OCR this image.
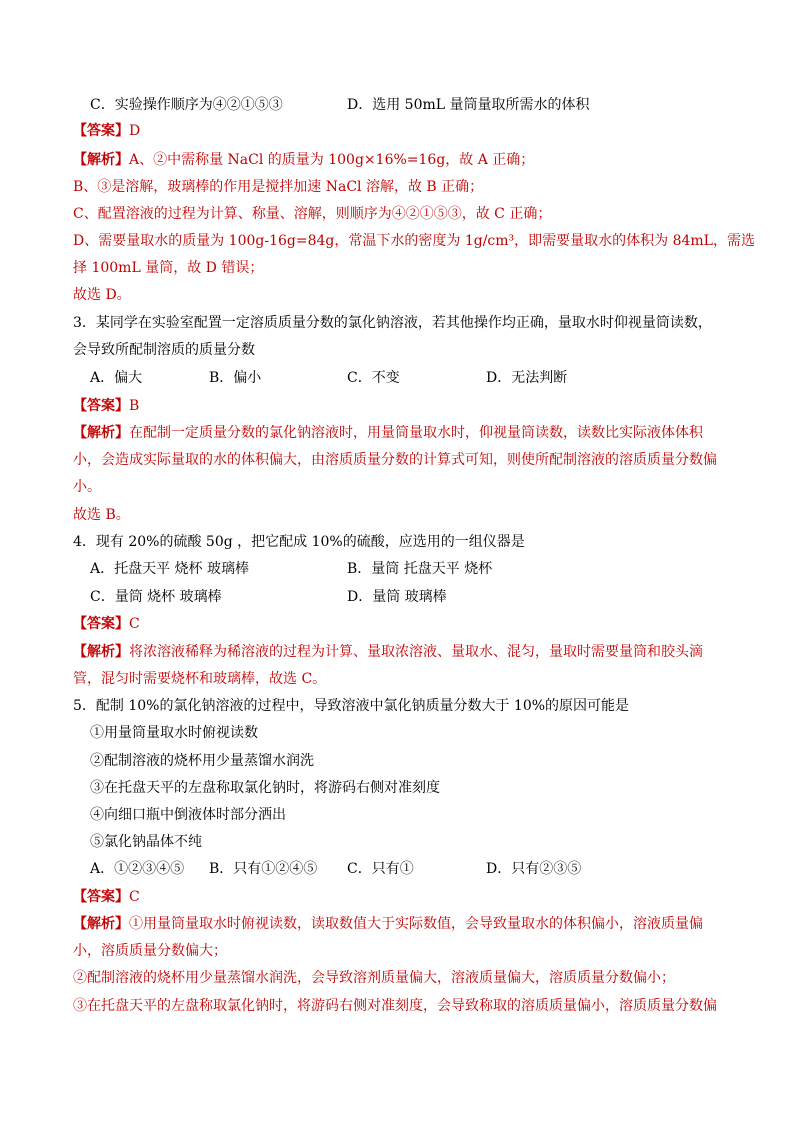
C．实验操作顺序为④②①⑤③	D．选用 50mL 量筒量取所需水的体积
【答案】D
【解析】A、②中需称量 NaCl 的质量为 100g×16%=16g，故 A 正确；
B、③是溶解，玻璃棒的作用是搅拌加速 NaCl 溶解，故 B 正确；
C、配置溶液的过程为计算、称量、溶解，则顺序为④②①⑤③，故 C 正确；
D、需要量取水的质量为 100g-16g=84g，常温下水的密度为 1g/cm³，即需要量取水的体积为 84mL，需选
择 100mL 量筒，故 D 错误；
故选 D。
3．某同学在实验室配置一定溶质质量分数的氯化钠溶液，若其他操作均正确，量取水时仰视量筒读数，
会导致所配制溶质的质量分数
A．偏大	B．偏小	C．不变	D．无法判断
【答案】B
【解析】在配制一定质量分数的氯化钠溶液时，用量筒量取水时，仰视量筒读数，读数比实际液体体积
小，会造成实际量取的水的体积偏大，由溶质质量分数的计算式可知，则使所配制溶液的溶质质量分数偏
小。
故选 B。
4．现有 20%的硫酸 50g ，把它配成 10%的硫酸，应选用的一组仪器是
A．托盘天平 烧杯 玻璃棒	B．量筒 托盘天平 烧杯
C．量筒 烧杯 玻璃棒	D．量筒 玻璃棒
【答案】C
【解析】将浓溶液稀释为稀溶液的过程为计算、量取浓溶液、量取水、混匀，量取时需要量筒和胶头滴
管，混匀时需要烧杯和玻璃棒，故选 C。
5．配制 10%的氯化钠溶液的过程中，导致溶液中氯化钠质量分数大于 10%的原因可能是
①用量筒量取水时俯视读数
②配制溶液的烧杯用少量蒸馏水润洗
③在托盘天平的左盘称取氯化钠时，将游码右侧对准刻度
④向细口瓶中倒液体时部分洒出
⑤氯化钠晶体不纯
A．①②③④⑤ B．只有①②④⑤ C．只有①	D．只有②③⑤
【答案】C
【解析】①用量筒量取水时俯视读数，读取数值大于实际数值，会导致量取水的体积偏小，溶液质量偏
小，溶质质量分数偏大；
②配制溶液的烧杯用少量蒸馏水润洗，会导致溶剂质量偏大，溶液质量偏大，溶质质量分数偏小；
③在托盘天平的左盘称取氯化钠时，将游码右侧对准刻度，会导致称取的溶质质量偏小，溶质质量分数偏
